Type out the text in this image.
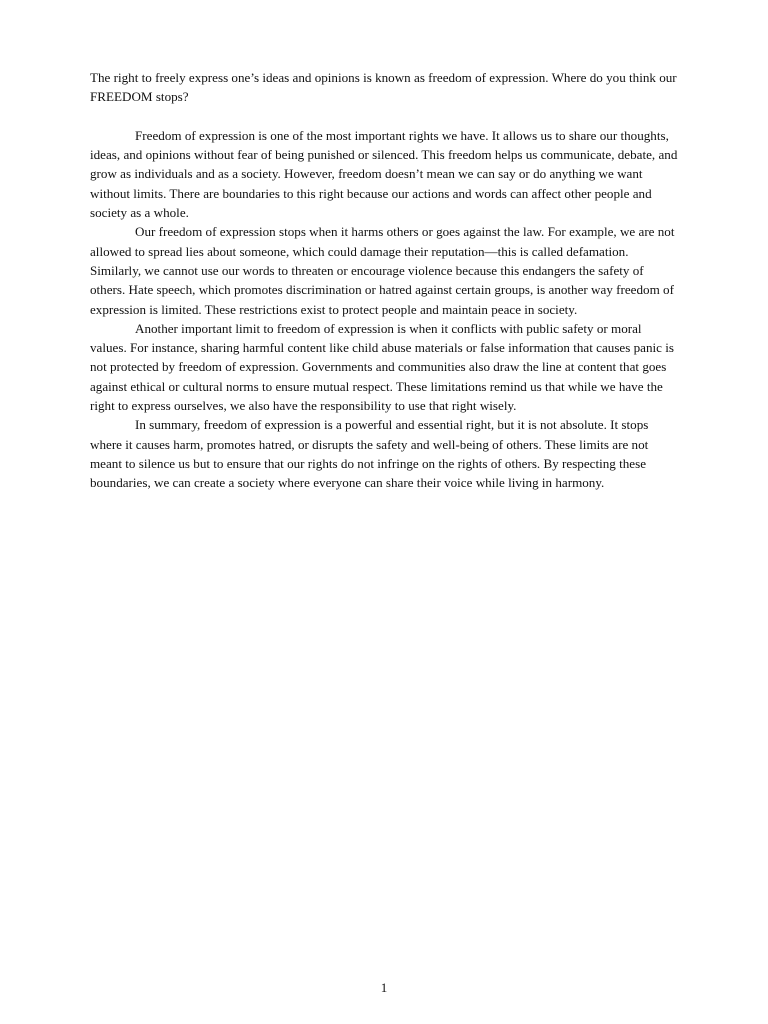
The right to freely express one’s ideas and opinions is known as freedom of expression. Where do you think our FREEDOM stops?

Freedom of expression is one of the most important rights we have. It allows us to share our thoughts, ideas, and opinions without fear of being punished or silenced. This freedom helps us communicate, debate, and grow as individuals and as a society. However, freedom doesn’t mean we can say or do anything we want without limits. There are boundaries to this right because our actions and words can affect other people and society as a whole.

Our freedom of expression stops when it harms others or goes against the law. For example, we are not allowed to spread lies about someone, which could damage their reputation—this is called defamation. Similarly, we cannot use our words to threaten or encourage violence because this endangers the safety of others. Hate speech, which promotes discrimination or hatred against certain groups, is another way freedom of expression is limited. These restrictions exist to protect people and maintain peace in society.

Another important limit to freedom of expression is when it conflicts with public safety or moral values. For instance, sharing harmful content like child abuse materials or false information that causes panic is not protected by freedom of expression. Governments and communities also draw the line at content that goes against ethical or cultural norms to ensure mutual respect. These limitations remind us that while we have the right to express ourselves, we also have the responsibility to use that right wisely.

In summary, freedom of expression is a powerful and essential right, but it is not absolute. It stops where it causes harm, promotes hatred, or disrupts the safety and well-being of others. These limits are not meant to silence us but to ensure that our rights do not infringe on the rights of others. By respecting these boundaries, we can create a society where everyone can share their voice while living in harmony.

1
